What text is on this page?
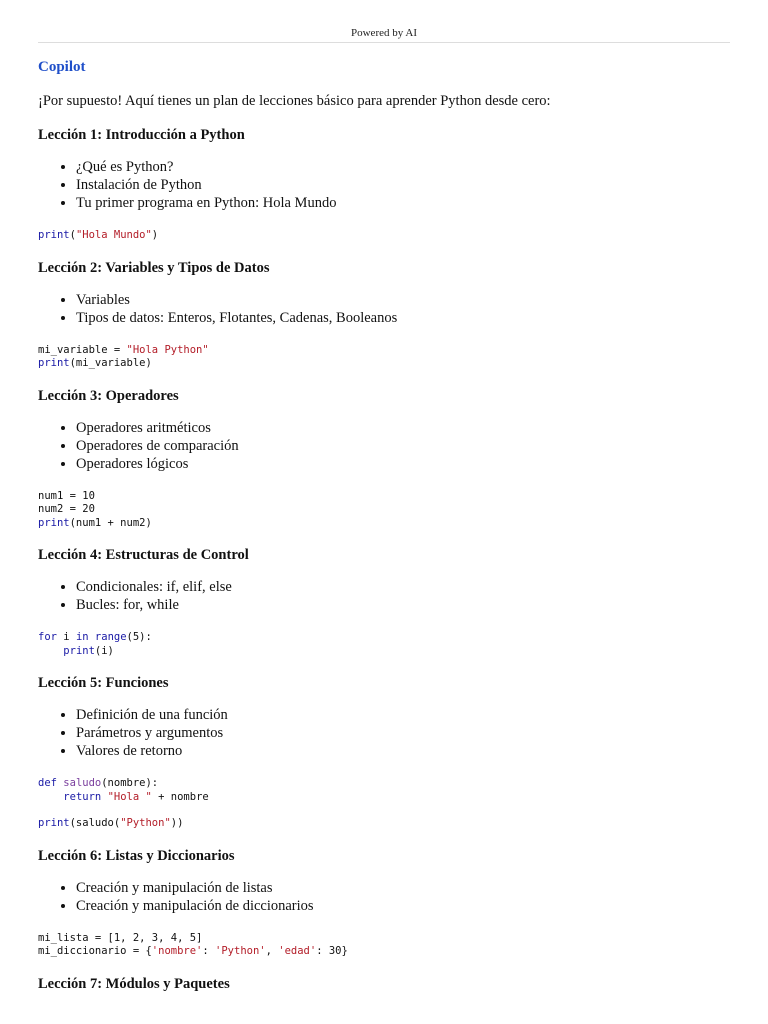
Powered by AI
Copilot

¡Por supuesto! Aquí tienes un plan de lecciones básico para aprender Python desde cero:

Lección 1: Introducción a Python
• ¿Qué es Python?
• Instalación de Python
• Tu primer programa en Python: Hola Mundo
print("Hola Mundo")
Lección 2: Variables y Tipos de Datos
• Variables
• Tipos de datos: Enteros, Flotantes, Cadenas, Booleanos
mi_variable = "Hola Python"
print(mi_variable)
Lección 3: Operadores
• Operadores aritméticos
• Operadores de comparación
• Operadores lógicos
num1 = 10
num2 = 20
print(num1 + num2)
Lección 4: Estructuras de Control
• Condicionales: if, elif, else
• Bucles: for, while
for i in range(5):
print(i)
Lección 5: Funciones
• Definición de una función
• Parámetros y argumentos
• Valores de retorno
def saludo(nombre):
return "Hola " + nombre
print(saludo("Python"))
Lección 6: Listas y Diccionarios
• Creación y manipulación de listas
• Creación y manipulación de diccionarios
mi_lista = [1, 2, 3, 4, 5]
mi_diccionario = {'nombre': 'Python', 'edad': 30}
Lección 7: Módulos y Paquetes
